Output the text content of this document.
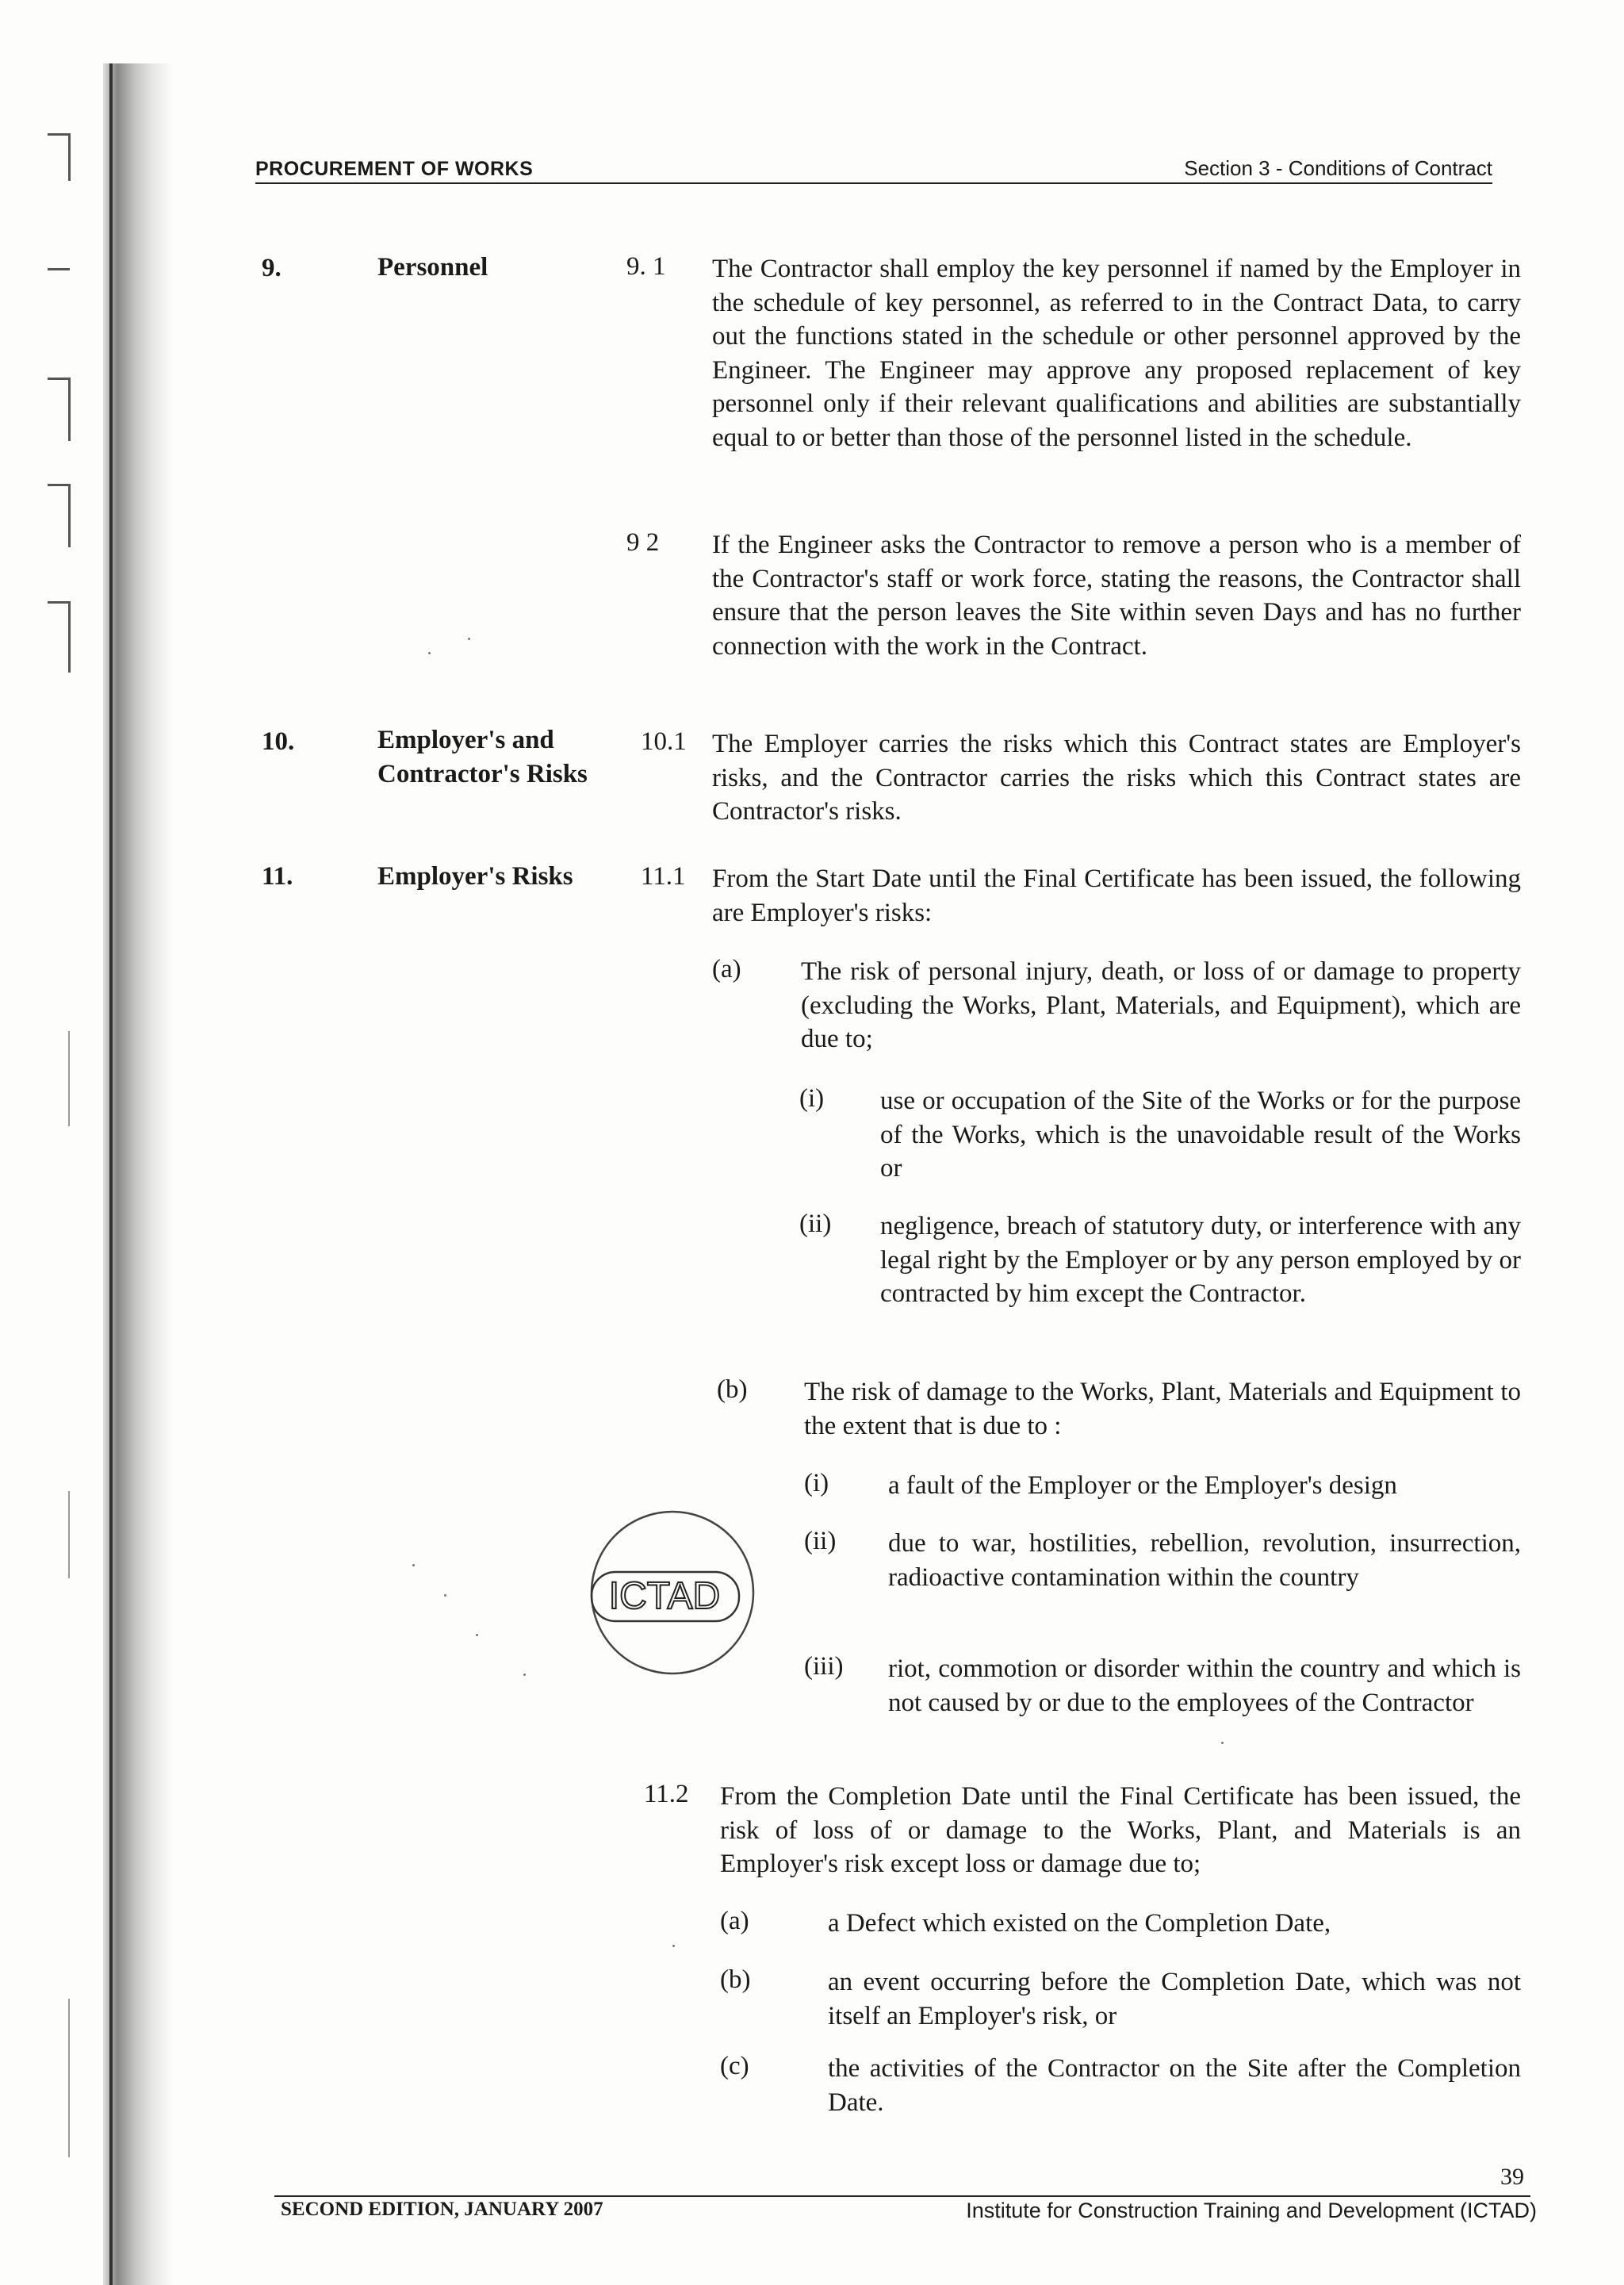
PROCUREMENT OF WORKS	Section 3 - Conditions of Contract
9.	Personnel	9. 1 The Contractor shall employ the key personnel if named by the Employer in the schedule of key personnel, as referred to in the Contract Data, to carry out the functions stated in the schedule or other personnel approved by the Engineer. The Engineer may approve any proposed replacement of key personnel only if their relevant qualifications and abilities are substantially equal to or better than those of the personnel listed in the schedule.
9 2 If the Engineer asks the Contractor to remove a person who is a member of the Contractor's staff or work force, stating the reasons, the Contractor shall ensure that the person leaves the Site within seven Days and has no further connection with the work in the Contract.
10.	Employer's and Contractor's Risks
10.1 The Employer carries the risks which this Contract states are Employer's risks, and the Contractor carries the risks which this Contract states are Contractor's risks.
11.	Employer's Risks	11.1 From the Start Date until the Final Certificate has been issued, the following are Employer's risks:
(a) The risk of personal injury, death, or loss of or damage to property (excluding the Works, Plant, Materials, and Equipment), which are due to;
(i) use or occupation of the Site of the Works or for the purpose of the Works, which is the unavoidable result of the Works or
(ii) negligence, breach of statutory duty, or interference with any legal right by the Employer or by any person employed by or contracted by him except the Contractor.
(b) The risk of damage to the Works, Plant, Materials and Equipment to the extent that is due to :
(i) a fault of the Employer or the Employer's design
(ii) due to war, hostilities, rebellion, revolution, insurrection, radioactive contamination within the country
(iii) riot, commotion or disorder within the country and which is not caused by or due to the employees of the Contractor
11.2 From the Completion Date until the Final Certificate has been issued, the risk of loss of or damage to the Works, Plant, and Materials is an Employer's risk except loss or damage due to;
(a)	a Defect which existed on the Completion Date,
(b)	an event occurring before the Completion Date, which was not itself an Employer's risk, or
(c)	the activities of the Contractor on the Site after the Completion Date.
ICTAD
39
SECOND EDITION, JANUARY 2007	Institute for Construction Training and Development (ICTAD)
